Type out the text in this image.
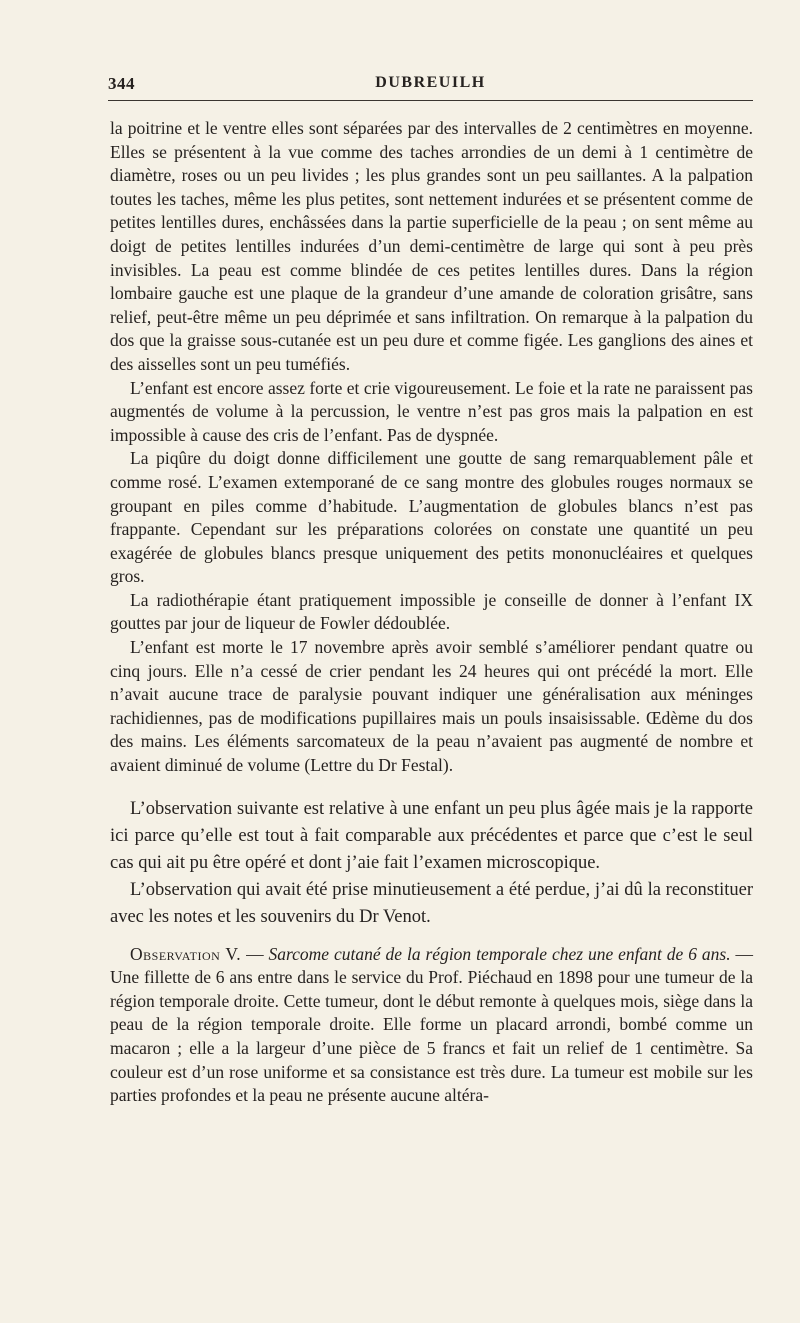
344	DUBREUILH

la poitrine et le ventre elles sont séparées par des intervalles de 2 centimètres en moyenne. Elles se présentent à la vue comme des taches arrondies de un demi à 1 centimètre de diamètre, roses ou un peu livides ; les plus grandes sont un peu saillantes. A la palpation toutes les taches, même les plus petites, sont nettement indurées et se présentent comme de petites lentilles dures, enchâssées dans la partie superficielle de la peau ; on sent même au doigt de petites lentilles indurées d’un demi-centimètre de large qui sont à peu près invisibles. La peau est comme blindée de ces petites lentilles dures. Dans la région lombaire gauche est une plaque de la grandeur d’une amande de coloration grisâtre, sans relief, peut-être même un peu déprimée et sans infiltration. On remarque à la palpation du dos que la graisse sous-cutanée est un peu dure et comme figée. Les ganglions des aines et des aisselles sont un peu tuméfiés.

L’enfant est encore assez forte et crie vigoureusement. Le foie et la rate ne paraissent pas augmentés de volume à la percussion, le ventre n’est pas gros mais la palpation en est impossible à cause des cris de l’enfant. Pas de dyspnée.

La piqûre du doigt donne difficilement une goutte de sang remarquablement pâle et comme rosé. L’examen extemporané de ce sang montre des globules rouges normaux se groupant en piles comme d’habitude. L’augmentation de globules blancs n’est pas frappante. Cependant sur les préparations colorées on constate une quantité un peu exagérée de globules blancs presque uniquement des petits mononucléaires et quelques gros.

La radiothérapie étant pratiquement impossible je conseille de donner à l’enfant IX gouttes par jour de liqueur de Fowler dédoublée.

L’enfant est morte le 17 novembre après avoir semblé s’améliorer pendant quatre ou cinq jours. Elle n’a cessé de crier pendant les 24 heures qui ont précédé la mort. Elle n’avait aucune trace de paralysie pouvant indiquer une généralisation aux méninges rachidiennes, pas de modifications pupillaires mais un pouls insaisissable. Œdème du dos des mains. Les éléments sarcomateux de la peau n’avaient pas augmenté de nombre et avaient diminué de volume (Lettre du Dr Festal).

L’observation suivante est relative à une enfant un peu plus âgée mais je la rapporte ici parce qu’elle est tout à fait comparable aux précédentes et parce que c’est le seul cas qui ait pu être opéré et dont j’aie fait l’examen microscopique.

L’observation qui avait été prise minutieusement a été perdue, j’ai dû la reconstituer avec les notes et les souvenirs du Dr Venot.

Observation V. — Sarcome cutané de la région temporale chez une enfant de 6 ans. — Une fillette de 6 ans entre dans le service du Prof. Piéchaud en 1898 pour une tumeur de la région temporale droite. Cette tumeur, dont le début remonte à quelques mois, siège dans la peau de la région temporale droite. Elle forme un placard arrondi, bombé comme un macaron ; elle a la largeur d’une pièce de 5 francs et fait un relief de 1 centimètre. Sa couleur est d’un rose uniforme et sa consistance est très dure. La tumeur est mobile sur les parties profondes et la peau ne présente aucune altéra-
